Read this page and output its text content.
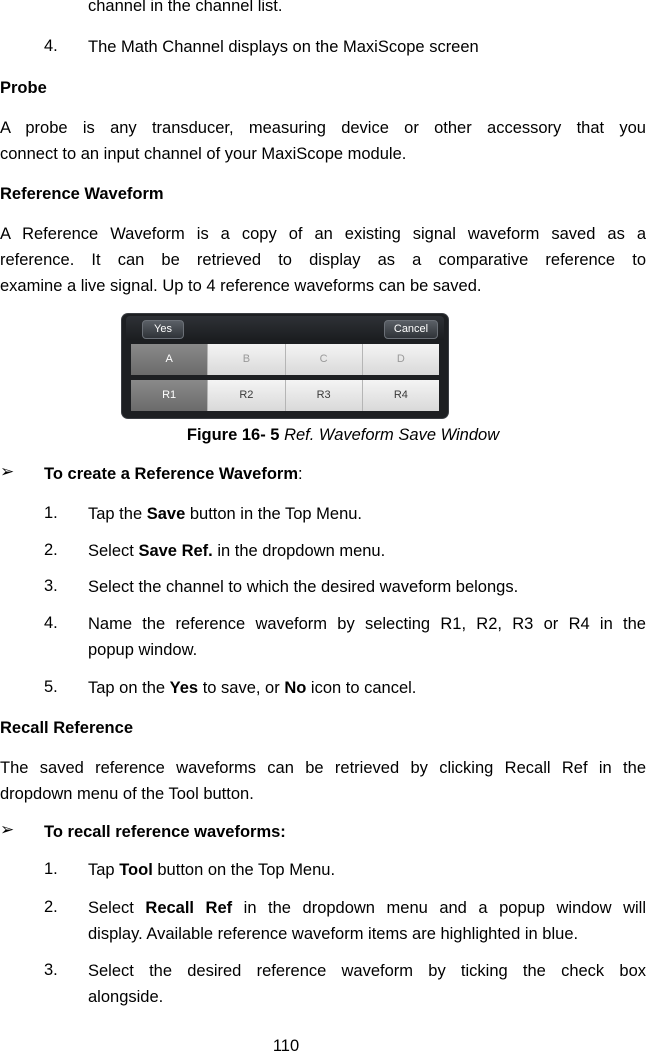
channel in the channel list.
4. The Math Channel displays on the MaxiScope screen
Probe
A probe is any transducer, measuring device or other accessory that you
connect to an input channel of your MaxiScope module.
Reference Waveform
A Reference Waveform is a copy of an existing signal waveform saved as a
reference. It can be retrieved to display as a comparative reference to
examine a live signal. Up to 4 reference waveforms can be saved.
Yes	Cancel
A	B	C	D
R1	R2	R3	R4
Figure 16- 5 Ref. Waveform Save Window
➢ To create a Reference Waveform:
1. Tap the Save button in the Top Menu.
2. Select Save Ref. in the dropdown menu.
3. Select the channel to which the desired waveform belongs.
4. Name the reference waveform by selecting R1, R2, R3 or R4 in the
popup window.
5. Tap on the Yes to save, or No icon to cancel.
Recall Reference
The saved reference waveforms can be retrieved by clicking Recall Ref in the
dropdown menu of the Tool button.
➢ To recall reference waveforms:
1. Tap Tool button on the Top Menu.
2. Select Recall Ref in the dropdown menu and a popup window will
display. Available reference waveform items are highlighted in blue.
3. Select the desired reference waveform by ticking the check box
alongside.
110
